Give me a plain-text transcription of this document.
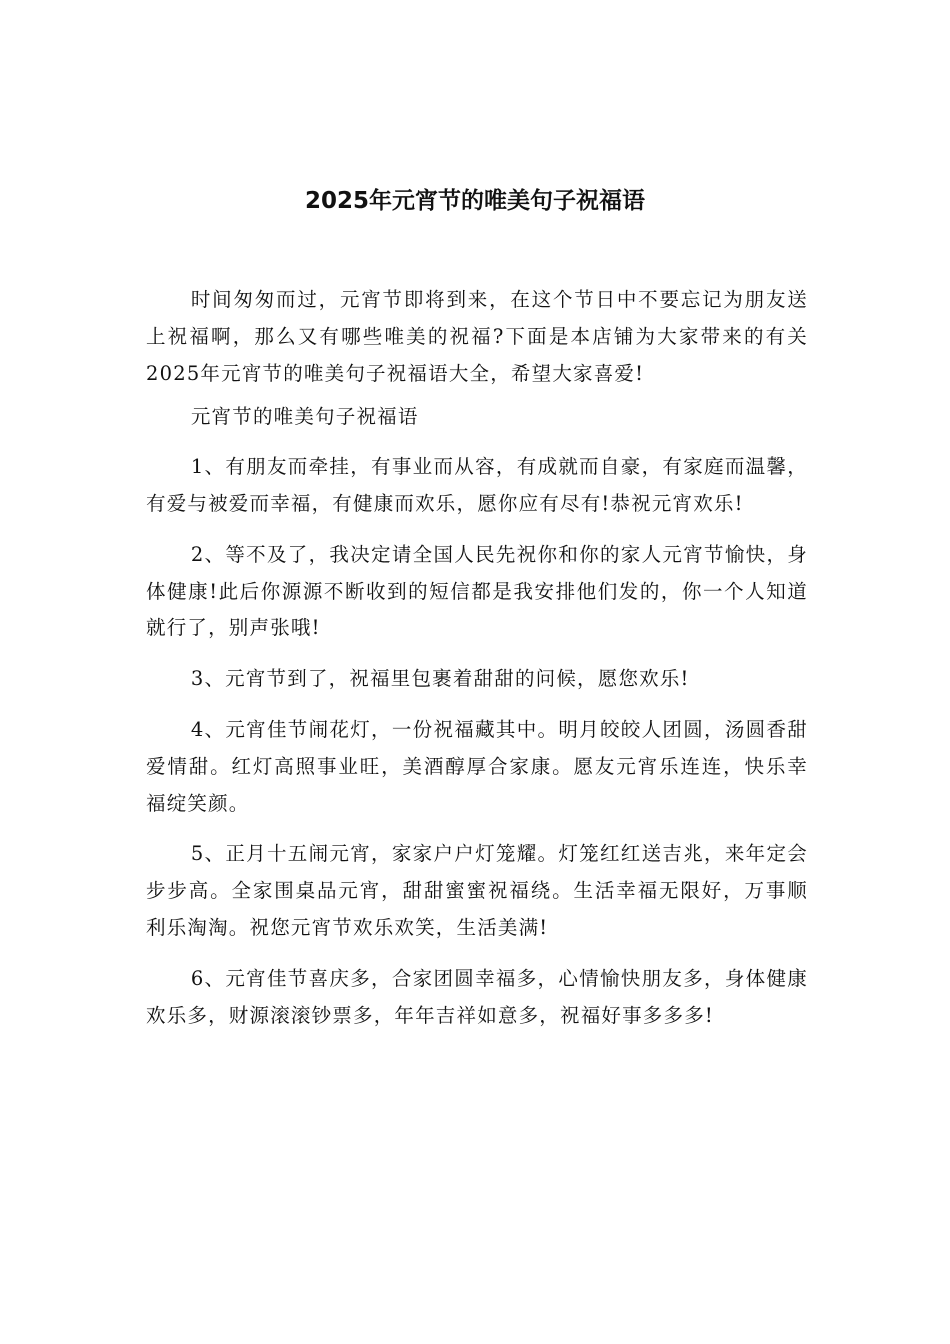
2025年元宵节的唯美句子祝福语

时间匆匆而过，元宵节即将到来，在这个节日中不要忘记为朋友送上祝福啊，那么又有哪些唯美的祝福?下面是本店铺为大家带来的有关2025年元宵节的唯美句子祝福语大全，希望大家喜爱!

元宵节的唯美句子祝福语

1、有朋友而牵挂，有事业而从容，有成就而自豪，有家庭而温馨，有爱与被爱而幸福，有健康而欢乐，愿你应有尽有!恭祝元宵欢乐!

2、等不及了，我决定请全国人民先祝你和你的家人元宵节愉快，身体健康!此后你源源不断收到的短信都是我安排他们发的，你一个人知道就行了，别声张哦!

3、元宵节到了，祝福里包裹着甜甜的问候，愿您欢乐!

4、元宵佳节闹花灯，一份祝福藏其中。明月皎皎人团圆，汤圆香甜爱情甜。红灯高照事业旺，美酒醇厚合家康。愿友元宵乐连连，快乐幸福绽笑颜。

5、正月十五闹元宵，家家户户灯笼耀。灯笼红红送吉兆，来年定会步步高。全家围桌品元宵，甜甜蜜蜜祝福绕。生活幸福无限好，万事顺利乐淘淘。祝您元宵节欢乐欢笑，生活美满!

6、元宵佳节喜庆多，合家团圆幸福多，心情愉快朋友多，身体健康欢乐多，财源滚滚钞票多，年年吉祥如意多，祝福好事多多多!
